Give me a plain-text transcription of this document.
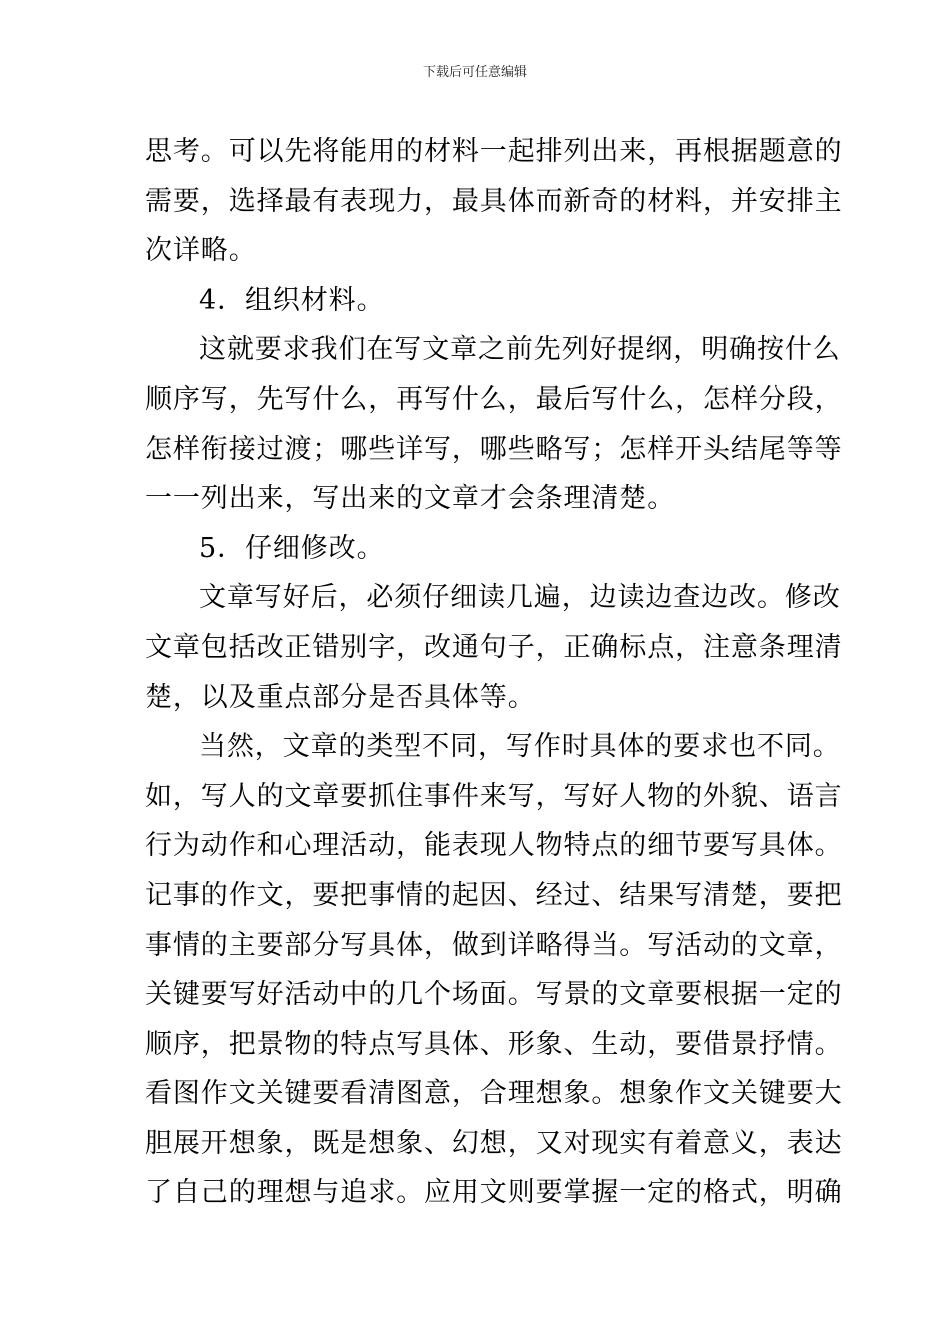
下载后可任意编辑
思考。可以先将能用的材料一起排列出来，再根据题意的
需要，选择最有表现力，最具体而新奇的材料，并安排主
次详略。
4．组织材料。
这就要求我们在写文章之前先列好提纲，明确按什么
顺序写，先写什么，再写什么，最后写什么，怎样分段，
怎样衔接过渡；哪些详写，哪些略写；怎样开头结尾等等
一一列出来，写出来的文章才会条理清楚。
5．仔细修改。
文章写好后，必须仔细读几遍，边读边查边改。修改
文章包括改正错别字，改通句子，正确标点，注意条理清
楚，以及重点部分是否具体等。
当然，文章的类型不同，写作时具体的要求也不同。
如，写人的文章要抓住事件来写，写好人物的外貌、语言
行为动作和心理活动，能表现人物特点的细节要写具体。
记事的作文，要把事情的起因、经过、结果写清楚，要把
事情的主要部分写具体，做到详略得当。写活动的文章，
关键要写好活动中的几个场面。写景的文章要根据一定的
顺序，把景物的特点写具体、形象、生动，要借景抒情。
看图作文关键要看清图意，合理想象。想象作文关键要大
胆展开想象，既是想象、幻想，又对现实有着意义，表达
了自己的理想与追求。应用文则要掌握一定的格式，明确
